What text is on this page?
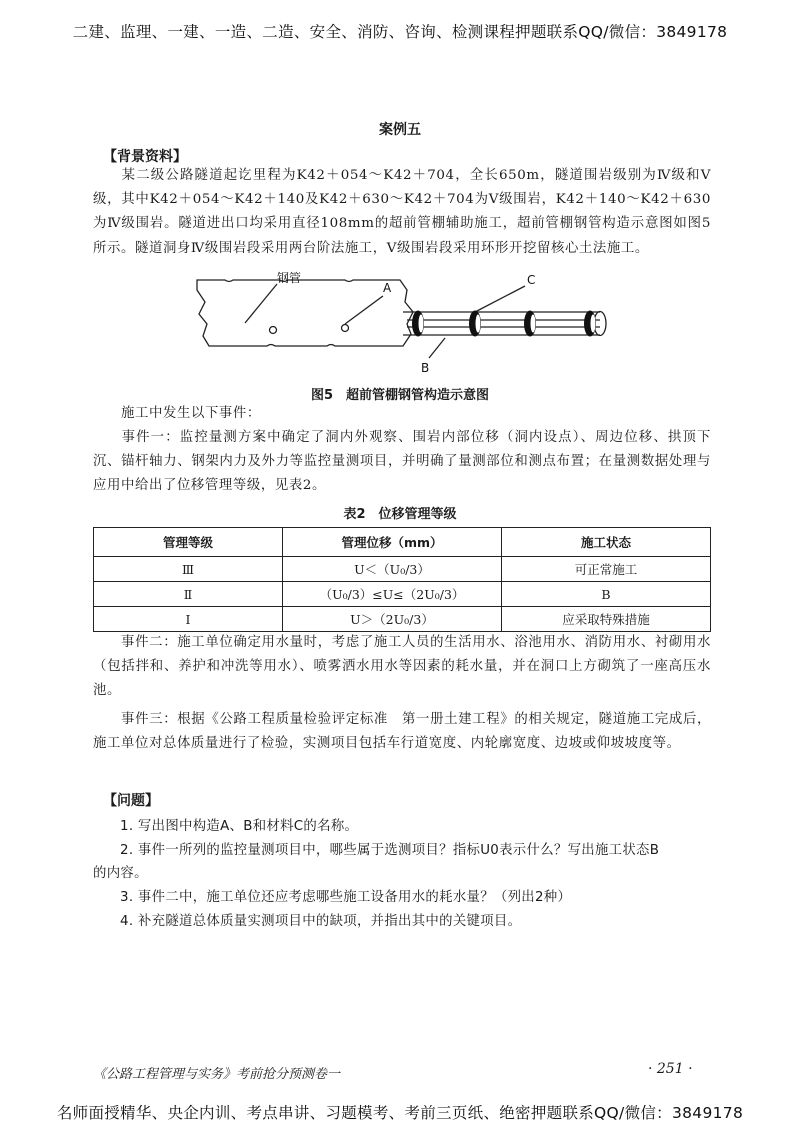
二建、监理、一建、一造、二造、安全、消防、咨询、检测课程押题联系QQ/微信：3849178
案例五
【背景资料】
某二级公路隧道起讫里程为K42＋054～K42＋704，全长650m，隧道围岩级别为Ⅳ级和Ⅴ级，其中K42＋054～K42＋140及K42＋630～K42＋704为Ⅴ级围岩，K42＋140～K42＋630为Ⅳ级围岩。隧道进出口均采用直径108mm的超前管棚辅助施工，超前管棚钢管构造示意图如图5所示。隧道洞身Ⅳ级围岩段采用两台阶法施工，Ⅴ级围岩段采用环形开挖留核心土法施工。
钢管
A
B
C
图5　超前管棚钢管构造示意图
施工中发生以下事件：
事件一：监控量测方案中确定了洞内外观察、围岩内部位移（洞内设点）、周边位移、拱顶下沉、锚杆轴力、钢架内力及外力等监控量测项目，并明确了量测部位和测点布置；在量测数据处理与应用中给出了位移管理等级，见表2。
表2　位移管理等级
管理等级	管理位移（mm）	施工状态
Ⅲ	U＜（U₀/3）	可正常施工
Ⅱ	（U₀/3）≤U≤（2U₀/3）	B
Ⅰ	U＞（2U₀/3）	应采取特殊措施
事件二：施工单位确定用水量时，考虑了施工人员的生活用水、浴池用水、消防用水、衬砌用水（包括拌和、养护和冲洗等用水）、喷雾洒水用水等因素的耗水量，并在洞口上方砌筑了一座高压水池。
事件三：根据《公路工程质量检验评定标准　第一册土建工程》的相关规定，隧道施工完成后，施工单位对总体质量进行了检验，实测项目包括车行道宽度、内轮廓宽度、边坡或仰坡坡度等。
【问题】
1. 写出图中构造A、B和材料C的名称。
2. 事件一所列的监控量测项目中，哪些属于选测项目？指标U0表示什么？写出施工状态B
的内容。
3. 事件二中，施工单位还应考虑哪些施工设备用水的耗水量？（列出2种）
4. 补充隧道总体质量实测项目中的缺项，并指出其中的关键项目。
《公路工程管理与实务》考前抢分预测卷一	· 251 ·
名师面授精华、央企内训、考点串讲、习题模考、考前三页纸、绝密押题联系QQ/微信：3849178
